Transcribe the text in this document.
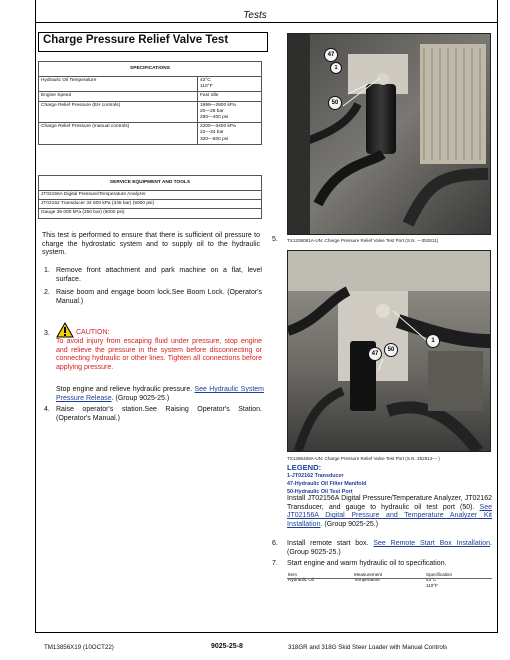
Tests
Charge Pressure Relief Valve Test
SPECIFICATIONS	
Hydraulic Oil Temperature	43°C
110°F
Engine Speed	Fast Idle
Charge Relief Pressure (EH controls)	1999—2800 kPa
20—28 bar
290—400 psi
Charge Relief Pressure (manual controls)	2200—3400 kPa
22—34 bar
320—500 psi
SERVICE EQUIPMENT AND TOOLS
JT02156A Digital Pressure/Temperature Analyzer
JT02162 Transducer 34 500 kPa (345 bar) (5000 psi)
Gauge 35 000 kPa (350 bar) (5000 psi)
This test is performed to ensure that there is sufficient oil pressure to charge the hydrostatic system and to supply oil to the hydraulic system.
1. Remove front attachment and park machine on a flat, level surface.
2. Raise boom and engage boom lock.See Boom Lock. (Operator's Manual.)
3.	CAUTION:
To avoid injury from escaping fluid under pressure, stop engine and relieve the pressure in the system before disconnecting or connecting hydraulic or other lines. Tighten all connections before applying pressure.
Stop engine and relieve hydraulic pressure. See Hydraulic System Pressure Release. (Group 9025-25.)
4. Raise operator's station.See Raising Operator's Station. (Operator's Manual.)
5.
47
1
50
TX1208081A-UN: Charge Pressure Relief Valve Test Port (S.N. —352811)
1
47
50
TX1285468A-UN: Charge Pressure Relief Valve Test Port (S.N. 352812— )
LEGEND:
1-JT02162 Transducer
47-Hydraulic Oil Filter Manifold
50-Hydraulic Oil Test Port
Install JT02156A Digital Pressure/Temperature Analyzer, JT02162 Transducer, and gauge to hydraulic oil test port (50). See JT02156A Digital Pressure and Temperature Analyzer Kit Installation. (Group 9025-25.)
6. Install remote start box. See Remote Start Box Installation. (Group 9025-25.)
7. Start engine and warm hydraulic oil to specification.
Item	Measurement	Specification
Hydraulic Oil	Temperature	43°C
110°F
TM13856X19 (10OCT22)	9025-25-8	318GR and 318G Skid Steer Loader with Manual Controls
